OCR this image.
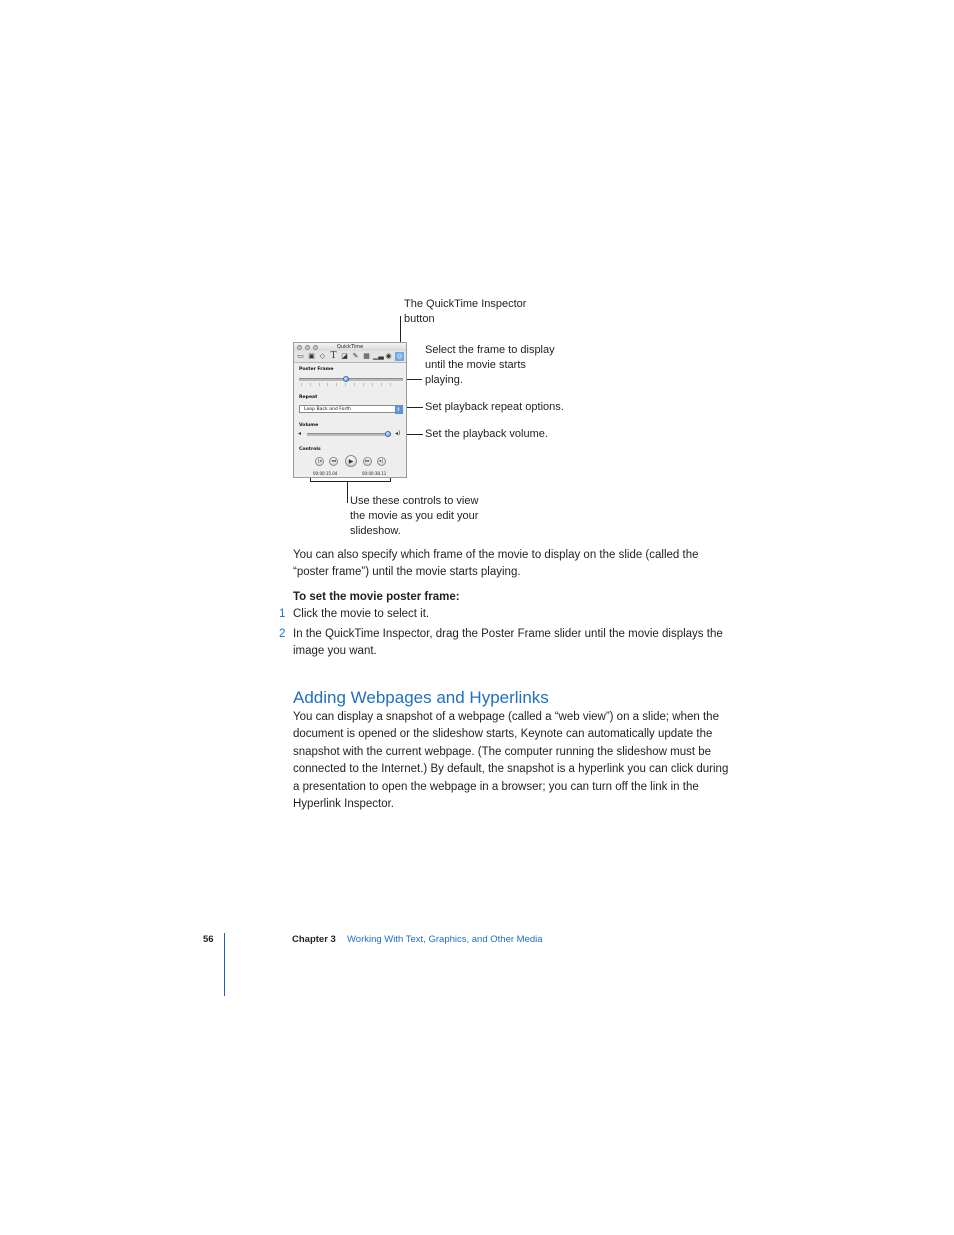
The QuickTime Inspector
button
Select the frame to display
until the movie starts
playing.
Set playback repeat options.
Set the playback volume.
Use these controls to view
the movie as you edit your
slideshow.
QuickTime
▭ ▣ ◇ T ◪ ✎ ▦ ▁▃ ◉ ◎
Poster Frame
Repeat
Loop Back and Forth	⇕
Volume
◂	◂)
Controls
|◂	◂◂	▶	▸▸	▸|
00:00:15.04	00:00:38.11
You can also specify which frame of the movie to display on the slide (called the
“poster frame”) until the movie starts playing.
To set the movie poster frame:
1 Click the movie to select it.
2 In the QuickTime Inspector, drag the Poster Frame slider until the movie displays the
image you want.
Adding Webpages and Hyperlinks
You can display a snapshot of a webpage (called a “web view”) on a slide; when the
document is opened or the slideshow starts, Keynote can automatically update the
snapshot with the current webpage. (The computer running the slideshow must be
connected to the Internet.) By default, the snapshot is a hyperlink you can click during
a presentation to open the webpage in a browser; you can turn off the link in the
Hyperlink Inspector.
56	Chapter 3 Working With Text, Graphics, and Other Media
